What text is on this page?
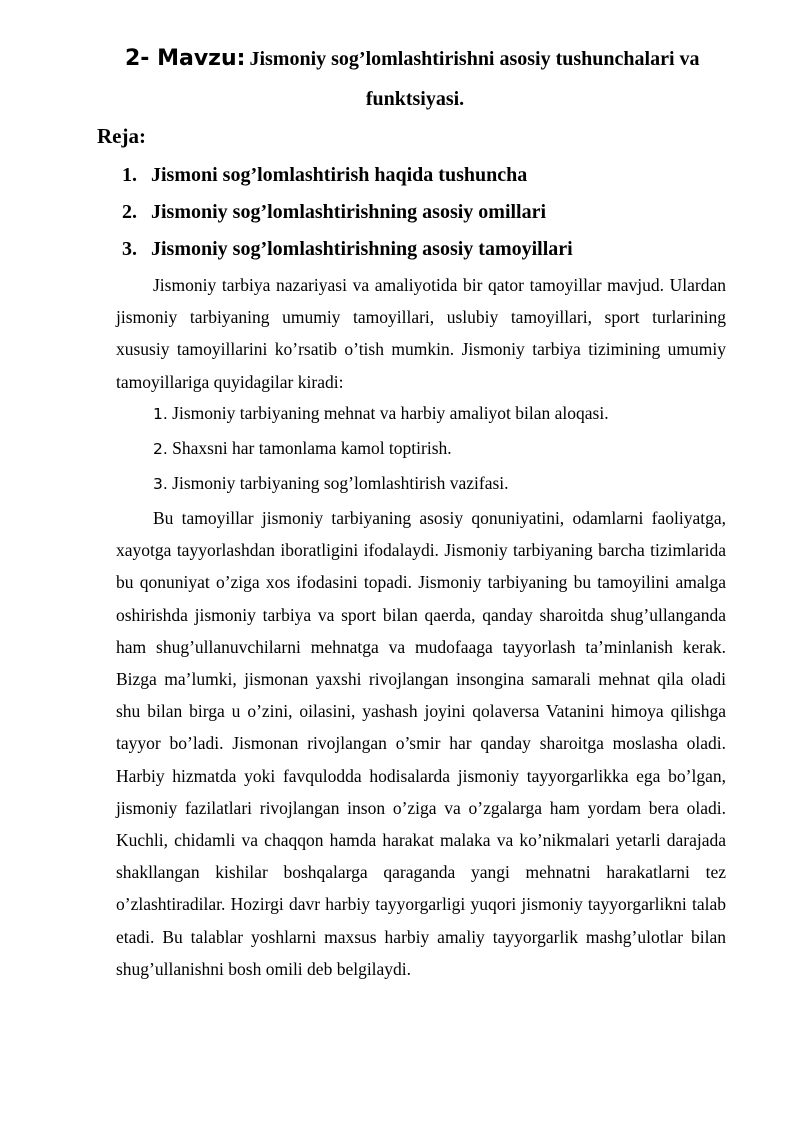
2- Mavzu: Jismoniy sog’lomlashtirishni asosiy tushunchalari va
funktsiyasi.
Reja:
1. Jismoni sog’lomlashtirish haqida tushuncha
2. Jismoniy sog’lomlashtirishning asosiy omillari
3. Jismoniy sog’lomlashtirishning asosiy tamoyillari

Jismoniy tarbiya nazariyasi va amaliyotida bir qator tamoyillar mavjud. Ulardan jismoniy tarbiyaning umumiy tamoyillari, uslubiy tamoyillari, sport turlarining xususiy tamoyillarini ko’rsatib o’tish mumkin. Jismoniy tarbiya tizimining umumiy tamoyillariga quyidagilar kiradi:

1. Jismoniy tarbiyaning mehnat va harbiy amaliyot bilan aloqasi.
2. Shaxsni har tamonlama kamol toptirish.
3. Jismoniy tarbiyaning sog’lomlashtirish vazifasi.

Bu tamoyillar jismoniy tarbiyaning asosiy qonuniyatini, odamlarni faoliyatga, xayotga tayyorlashdan iboratligini ifodalaydi. Jismoniy tarbiyaning barcha tizimlarida bu qonuniyat o’ziga xos ifodasini topadi. Jismoniy tarbiyaning bu tamoyilini amalga oshirishda jismoniy tarbiya va sport bilan qaerda, qanday sharoitda shug’ullanganda ham shug’ullanuvchilarni mehnatga va mudofaaga tayyorlash ta’minlanish kerak. Bizga ma’lumki, jismonan yaxshi rivojlangan insongina samarali mehnat qila oladi shu bilan birga u o’zini, oilasini, yashash joyini qolaversa Vatanini himoya qilishga tayyor bo’ladi. Jismonan rivojlangan o’smir har qanday sharoitga moslasha oladi. Harbiy hizmatda yoki favqulodda hodisalarda jismoniy tayyorgarlikka ega bo’lgan, jismoniy fazilatlari rivojlangan inson o’ziga va o’zgalarga ham yordam bera oladi. Kuchli, chidamli va chaqqon hamda harakat malaka va ko’nikmalari yetarli darajada shakllangan kishilar boshqalarga qaraganda yangi mehnatni harakatlarni tez o’zlashtiradilar. Hozirgi davr harbiy tayyorgarligi yuqori jismoniy tayyorgarlikni talab etadi. Bu talablar yoshlarni maxsus harbiy amaliy tayyorgarlik mashg’ulotlar bilan shug’ullanishni bosh omili deb belgilaydi.
